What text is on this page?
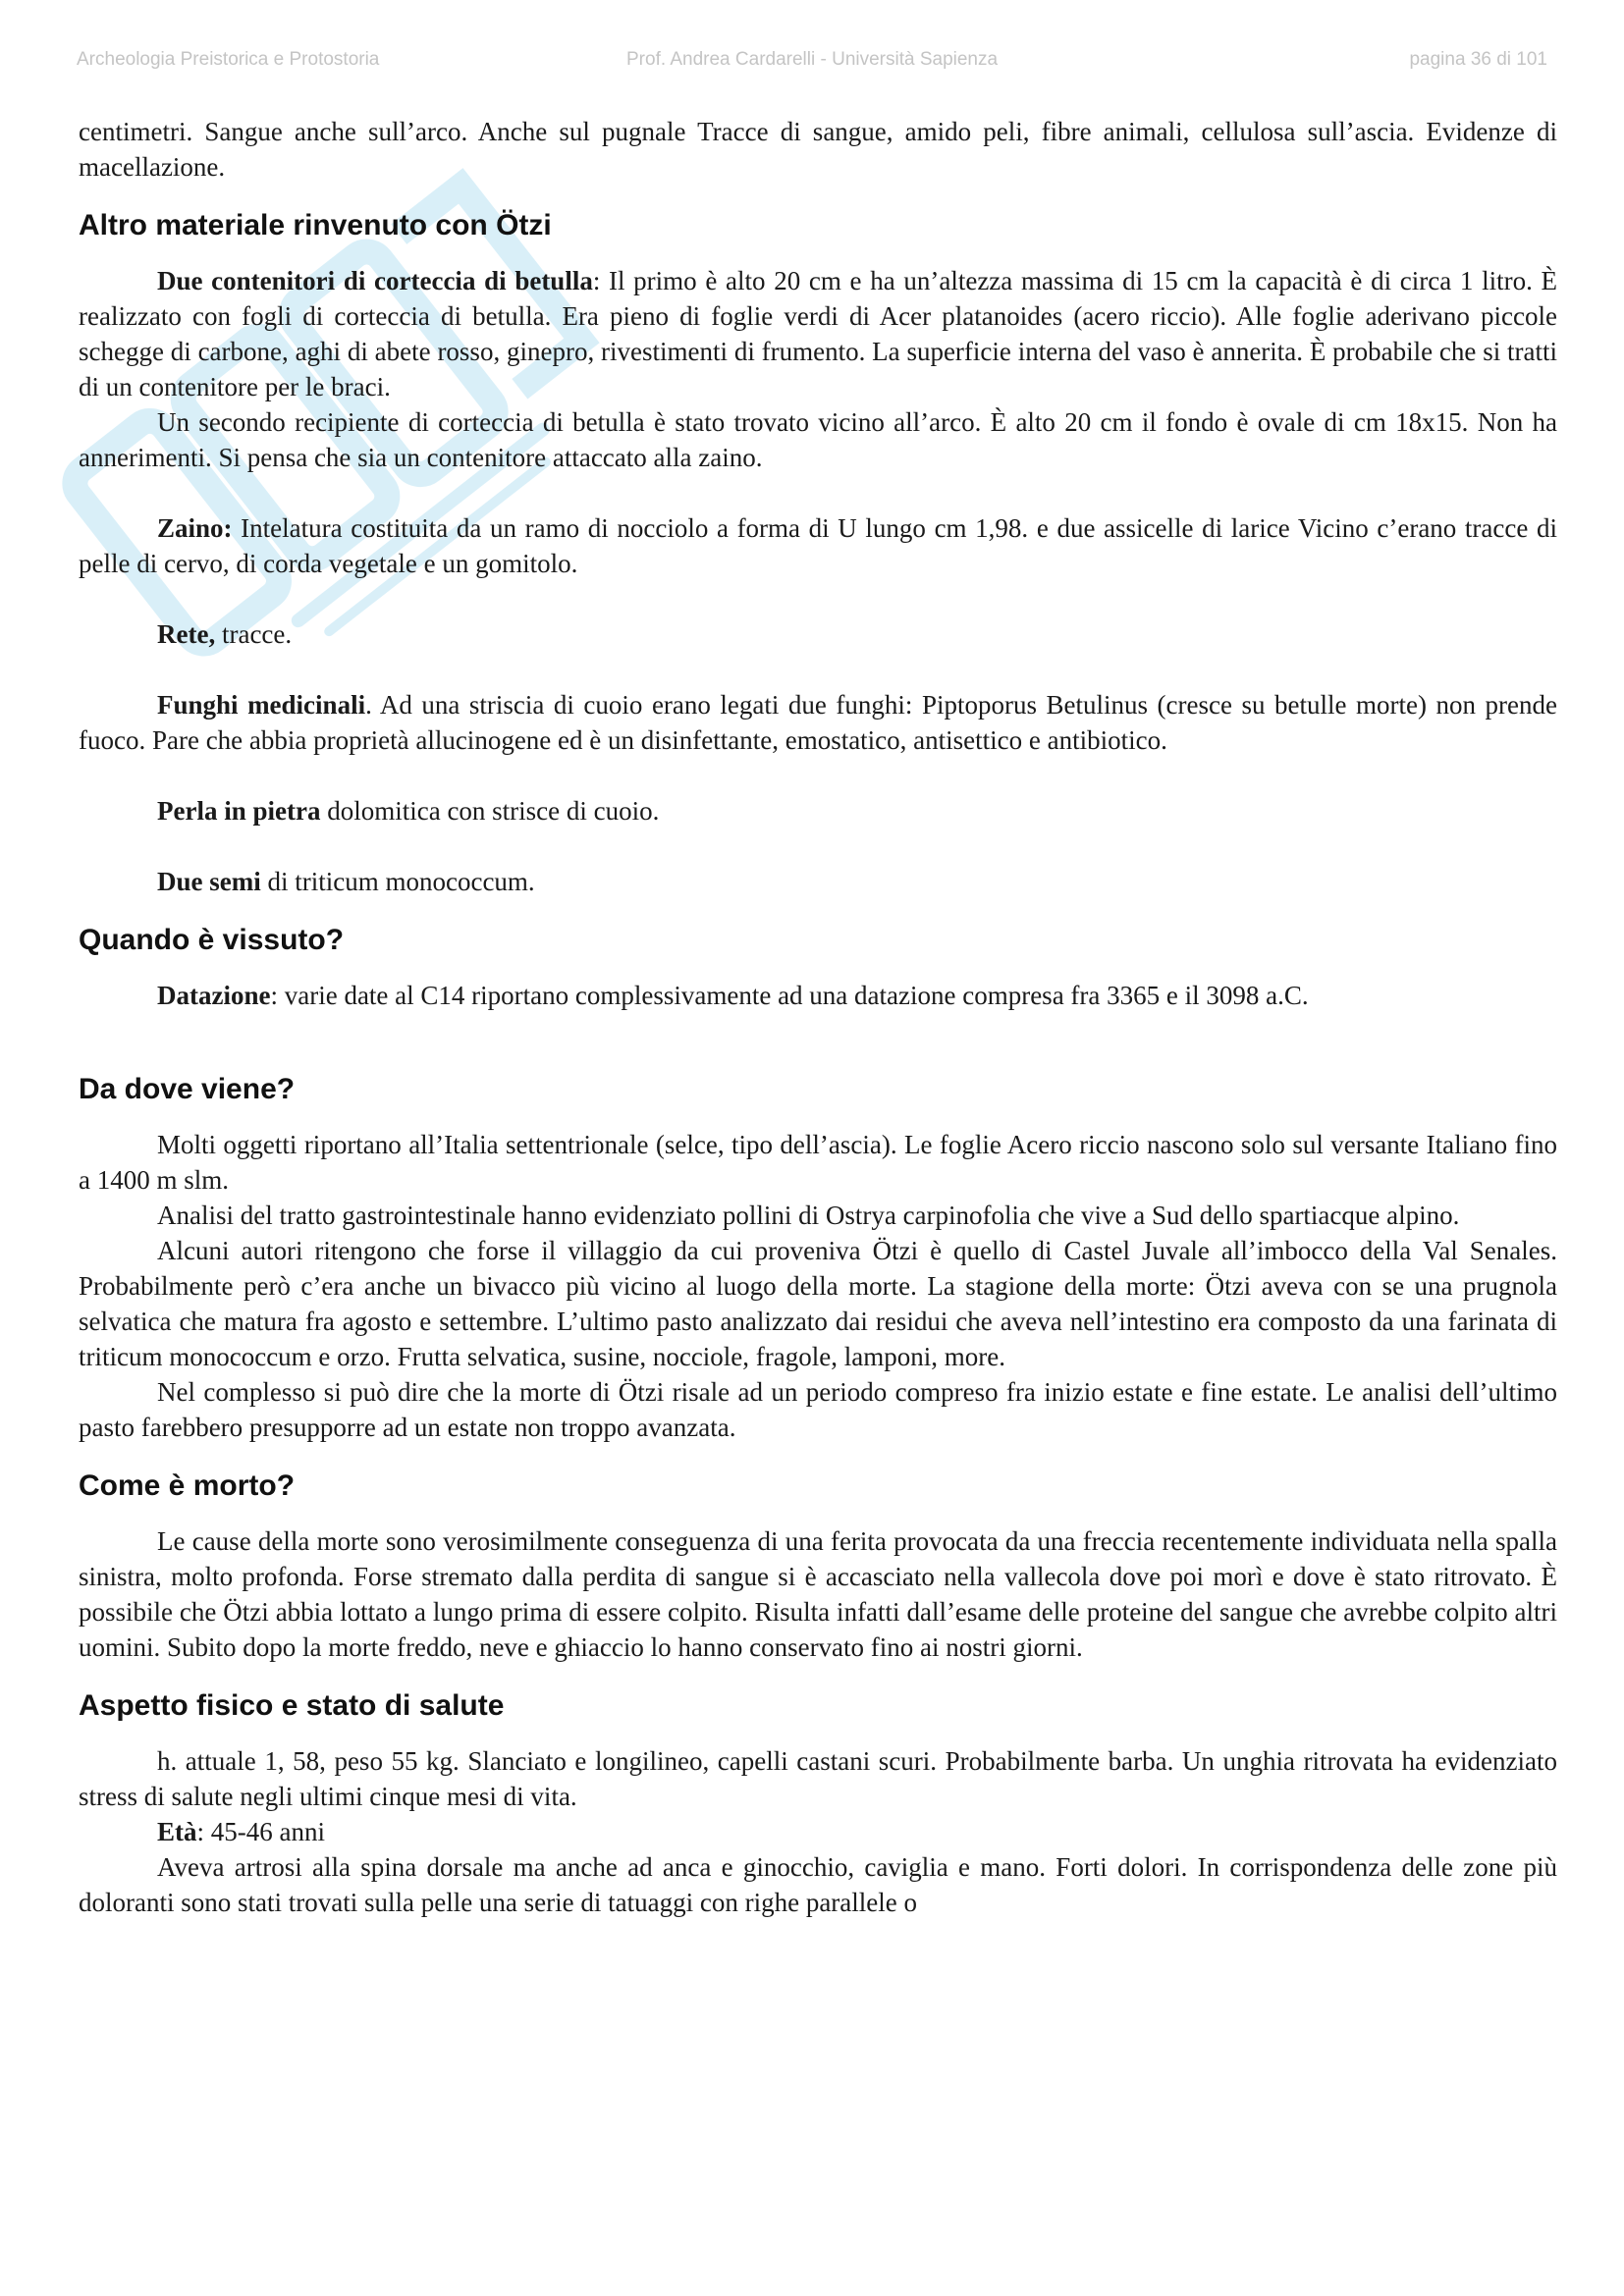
Archeologia Preistorica e Protostoria	Prof. Andrea Cardarelli - Università Sapienza	pagina 36 di 101

centimetri. Sangue anche sull’arco. Anche sul pugnale Tracce di sangue, amido peli, fibre animali, cellulosa sull’ascia. Evidenze di macellazione.

Altro materiale rinvenuto con Ötzi

Due contenitori di corteccia di betulla: Il primo è alto 20 cm e ha un’altezza massima di 15 cm la capacità è di circa 1 litro. È realizzato con fogli di corteccia di betulla. Era pieno di foglie verdi di Acer platanoides (acero riccio). Alle foglie aderivano piccole schegge di carbone, aghi di abete rosso, ginepro, rivestimenti di frumento. La superficie interna del vaso è annerita. È probabile che si tratti di un contenitore per le braci.

Un secondo recipiente di corteccia di betulla è stato trovato vicino all’arco. È alto 20 cm il fondo è ovale di cm 18x15. Non ha annerimenti. Si pensa che sia un contenitore attaccato alla zaino.

Zaino: Intelatura costituita da un ramo di nocciolo a forma di U lungo cm 1,98. e due assicelle di larice Vicino c’erano tracce di pelle di cervo, di corda vegetale e un gomitolo.

Rete, tracce.

Funghi medicinali. Ad una striscia di cuoio erano legati due funghi: Piptoporus Betulinus (cresce su betulle morte) non prende fuoco. Pare che abbia proprietà allucinogene ed è un disinfettante, emostatico, antisettico e antibiotico.

Perla in pietra dolomitica con strisce di cuoio.

Due semi di triticum monococcum.

Quando è vissuto?

Datazione: varie date al C14 riportano complessivamente ad una datazione compresa fra 3365 e il 3098 a.C.

Da dove viene?

Molti oggetti riportano all’Italia settentrionale (selce, tipo dell’ascia). Le foglie Acero riccio nascono solo sul versante Italiano fino a 1400 m slm.

Analisi del tratto gastrointestinale hanno evidenziato pollini di Ostrya carpinofolia che vive a Sud dello spartiacque alpino.

Alcuni autori ritengono che forse il villaggio da cui proveniva Ötzi è quello di Castel Juvale all’imbocco della Val Senales. Probabilmente però c’era anche un bivacco più vicino al luogo della morte. La stagione della morte: Ötzi aveva con se una prugnola selvatica che matura fra agosto e settembre. L’ultimo pasto analizzato dai residui che aveva nell’intestino era composto da una farinata di triticum monococcum e orzo. Frutta selvatica, susine, nocciole, fragole, lamponi, more.

Nel complesso si può dire che la morte di Ötzi risale ad un periodo compreso fra inizio estate e fine estate. Le analisi dell’ultimo pasto farebbero presupporre ad un estate non troppo avanzata.

Come è morto?

Le cause della morte sono verosimilmente conseguenza di una ferita provocata da una freccia recentemente individuata nella spalla sinistra, molto profonda. Forse stremato dalla perdita di sangue si è accasciato nella vallecola dove poi morì e dove è stato ritrovato. È possibile che Ötzi abbia lottato a lungo prima di essere colpito. Risulta infatti dall’esame delle proteine del sangue che avrebbe colpito altri uomini. Subito dopo la morte freddo, neve e ghiaccio lo hanno conservato fino ai nostri giorni.

Aspetto fisico e stato di salute

h. attuale 1, 58, peso 55 kg. Slanciato e longilineo, capelli castani scuri. Probabilmente barba. Un unghia ritrovata ha evidenziato stress di salute negli ultimi cinque mesi di vita.

Età: 45-46 anni

Aveva artrosi alla spina dorsale ma anche ad anca e ginocchio, caviglia e mano. Forti dolori. In corrispondenza delle zone più doloranti sono stati trovati sulla pelle una serie di tatuaggi con righe parallele o
